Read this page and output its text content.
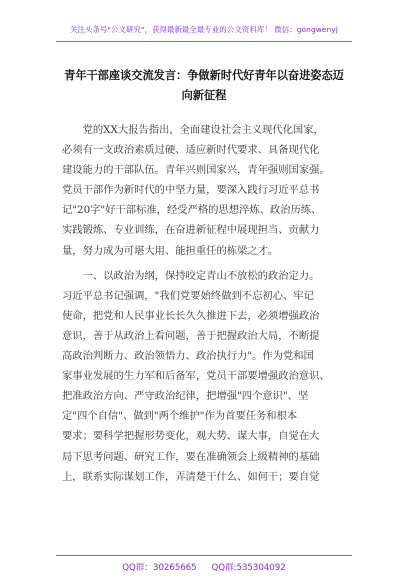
关注头条号"公文研究"，获得最新最全最专业的公文资料库！ 微信：gongwenyj
青年干部座谈交流发言：争做新时代好青年以奋进姿态迈
向新征程
党的XX大报告指出，全面建设社会主义现代化国家，
必须有一支政治素质过硬、适应新时代要求、具备现代化
建设能力的干部队伍。青年兴则国家兴，青年强则国家强。
党员干部作为新时代的中坚力量，要深入践行习近平总书
记"20字"好干部标准，经受严格的思想淬炼、政治历练、
实践锻炼、专业训练，在奋进新征程中展现担当、贡献力
量，努力成为可堪大用、能担重任的栋梁之才。
一、以政治为纲，保持咬定青山不放松的政治定力。
习近平总书记强调，"我们党要始终做到不忘初心、牢记
使命，把党和人民事业长长久久推进下去，必须增强政治
意识，善于从政治上看问题，善于把握政治大局，不断提
高政治判断力、政治领悟力、政治执行力"。作为党和国
家事业发展的生力军和后备军，党员干部要增强政治意识、
把准政治方向、严守政治纪律，把增强"四个意识"、坚
定"四个自信"、做到"两个维护"作为首要任务和根本
要求；要科学把握形势变化，观大势、谋大事，自觉在大
局下思考问题、研究工作，要在准确领会上级精神的基础
上，联系实际谋划工作，弄清楚干什么、如何干；要自觉
QQ群：30265665 QQ群:535304092
